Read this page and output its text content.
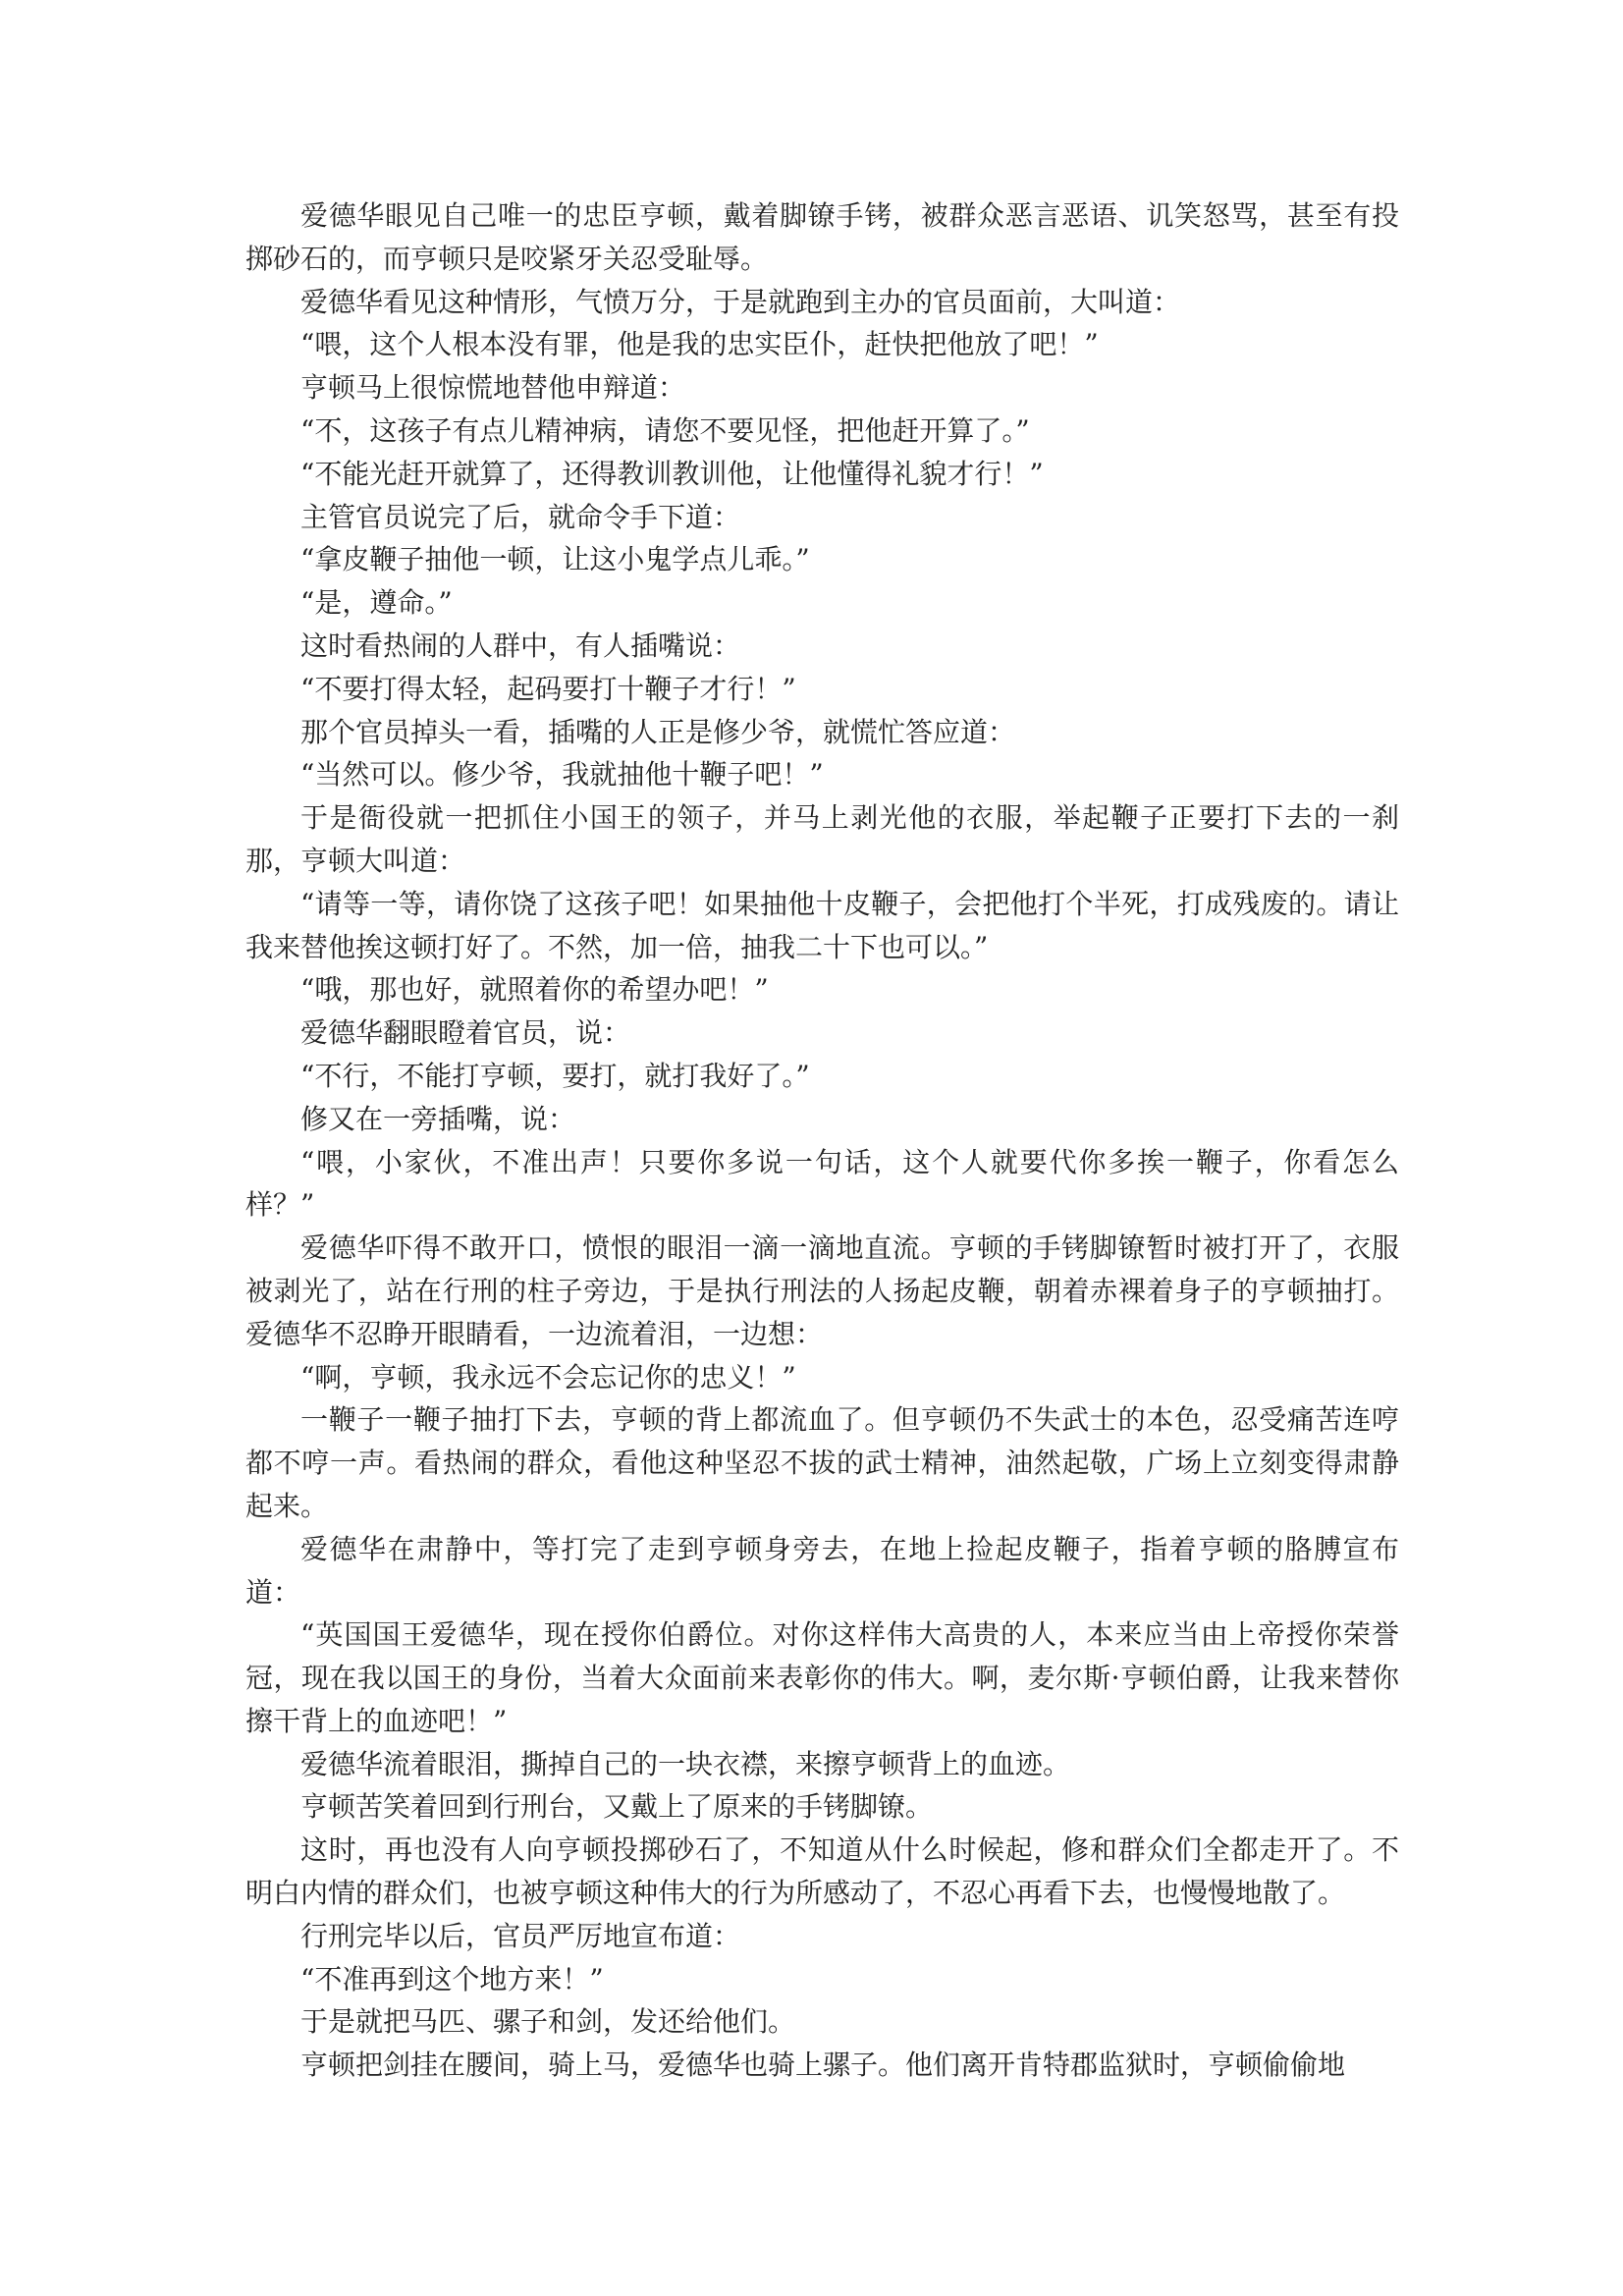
爱德华眼见自己唯一的忠臣亨顿，戴着脚镣手铐，被群众恶言恶语、讥笑怒骂，甚至有投掷砂石的，而亨顿只是咬紧牙关忍受耻辱。

爱德华看见这种情形，气愤万分，于是就跑到主办的官员面前，大叫道：

“喂，这个人根本没有罪，他是我的忠实臣仆，赶快把他放了吧！”

亨顿马上很惊慌地替他申辩道：

“不，这孩子有点儿精神病，请您不要见怪，把他赶开算了。”

“不能光赶开就算了，还得教训教训他，让他懂得礼貌才行！”

主管官员说完了后，就命令手下道：

“拿皮鞭子抽他一顿，让这小鬼学点儿乖。”

“是，遵命。”

这时看热闹的人群中，有人插嘴说：

“不要打得太轻，起码要打十鞭子才行！”

那个官员掉头一看，插嘴的人正是修少爷，就慌忙答应道：

“当然可以。修少爷，我就抽他十鞭子吧！”

于是衙役就一把抓住小国王的领子，并马上剥光他的衣服，举起鞭子正要打下去的一刹那，亨顿大叫道：

“请等一等，请你饶了这孩子吧！如果抽他十皮鞭子，会把他打个半死，打成残废的。请让我来替他挨这顿打好了。不然，加一倍，抽我二十下也可以。”

“哦，那也好，就照着你的希望办吧！”

爱德华翻眼瞪着官员，说：

“不行，不能打亨顿，要打，就打我好了。”

修又在一旁插嘴，说：

“喂，小家伙，不准出声！只要你多说一句话，这个人就要代你多挨一鞭子，你看怎么样？”

爱德华吓得不敢开口，愤恨的眼泪一滴一滴地直流。亨顿的手铐脚镣暂时被打开了，衣服被剥光了，站在行刑的柱子旁边，于是执行刑法的人扬起皮鞭，朝着赤裸着身子的亨顿抽打。爱德华不忍睁开眼睛看，一边流着泪，一边想：

“啊，亨顿，我永远不会忘记你的忠义！”

一鞭子一鞭子抽打下去，亨顿的背上都流血了。但亨顿仍不失武士的本色，忍受痛苦连哼都不哼一声。看热闹的群众，看他这种坚忍不拔的武士精神，油然起敬，广场上立刻变得肃静起来。

爱德华在肃静中，等打完了走到亨顿身旁去，在地上捡起皮鞭子，指着亨顿的胳膊宣布道：

“英国国王爱德华，现在授你伯爵位。对你这样伟大高贵的人，本来应当由上帝授你荣誉冠，现在我以国王的身份，当着大众面前来表彰你的伟大。啊，麦尔斯·亨顿伯爵，让我来替你擦干背上的血迹吧！”

爱德华流着眼泪，撕掉自己的一块衣襟，来擦亨顿背上的血迹。

亨顿苦笑着回到行刑台，又戴上了原来的手铐脚镣。

这时，再也没有人向亨顿投掷砂石了，不知道从什么时候起，修和群众们全都走开了。不明白内情的群众们，也被亨顿这种伟大的行为所感动了，不忍心再看下去，也慢慢地散了。

行刑完毕以后，官员严厉地宣布道：

“不准再到这个地方来！”

于是就把马匹、骡子和剑，发还给他们。

亨顿把剑挂在腰间，骑上马，爱德华也骑上骡子。他们离开肯特郡监狱时，亨顿偷偷地
